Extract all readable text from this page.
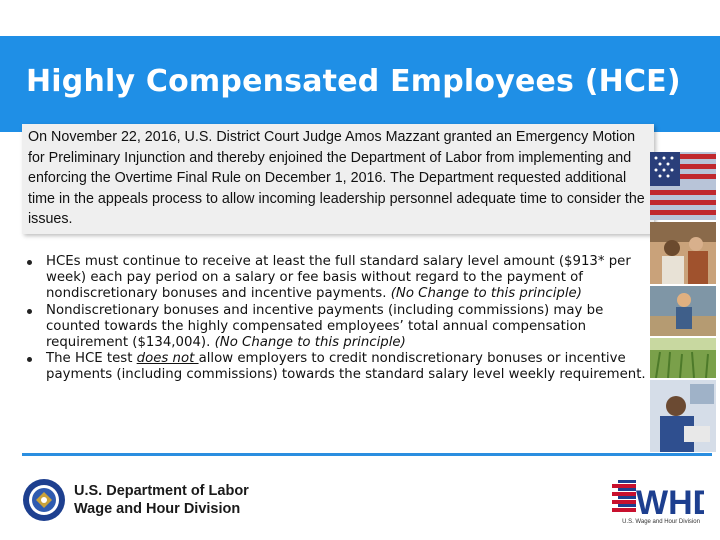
Highly Compensated Employees (HCE)

On November 22, 2016, U.S. District Court Judge Amos Mazzant granted an Emergency Motion for Preliminary Injunction and thereby enjoined the Department of Labor from implementing and enforcing the Overtime Final Rule on December 1, 2016. The Department requested additional time in the appeals process to allow incoming leadership personnel adequate time to consider the issues.

HCEs must continue to receive at least the full standard salary level amount ($913* per week) each pay period on a salary or fee basis without regard to the payment of nondiscretionary bonuses and incentive payments. (No Change to this principle)
Nondiscretionary bonuses and incentive payments (including commissions) may be counted towards the highly compensated employees’ total annual compensation requirement ($134,004). (No Change to this principle)
The HCE test does not allow employers to credit nondiscretionary bonuses or incentive payments (including commissions) towards the standard salary level weekly requirement.
U.S. Department of Labor
Wage and Hour Division	WH
U.S. Wage and Hour Division
